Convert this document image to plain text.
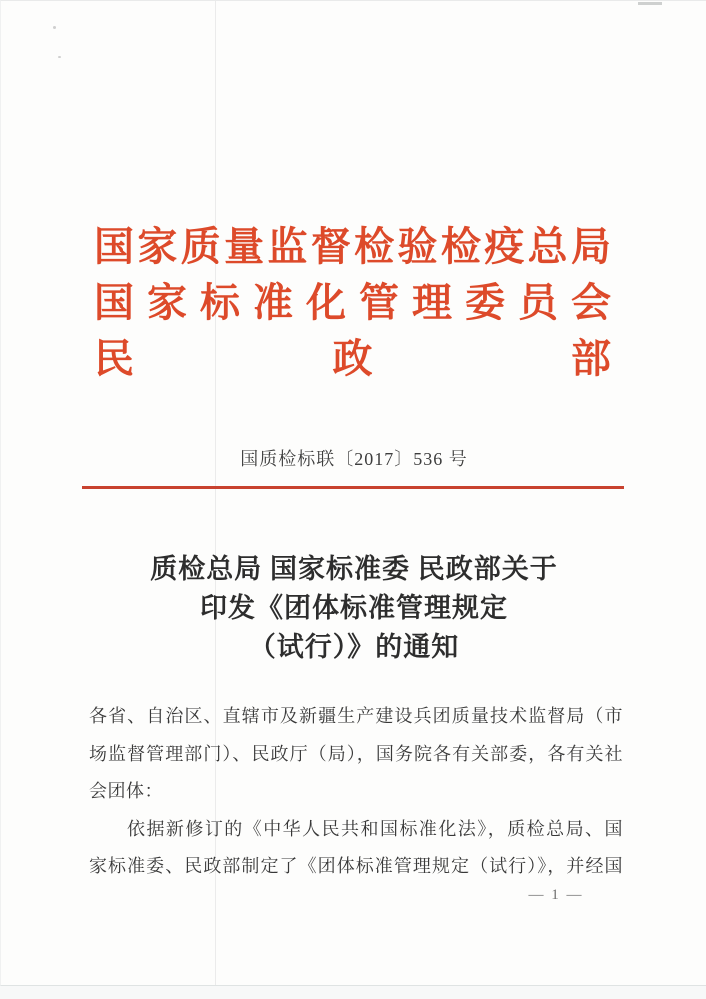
国家质量监督检验检疫总局
国家标准化管理委员会
民政部
国质检标联〔2017〕536 号
质检总局 国家标准委 民政部关于
印发《团体标准管理规定
（试行）》的通知
各省、自治区、直辖市及新疆生产建设兵团质量技术监督局（市
场监督管理部门）、民政厅（局），国务院各有关部委，各有关社
会团体：
依据新修订的《中华人民共和国标准化法》，质检总局、国
家标准委、民政部制定了《团体标准管理规定（试行）》，并经国
— 1 —
